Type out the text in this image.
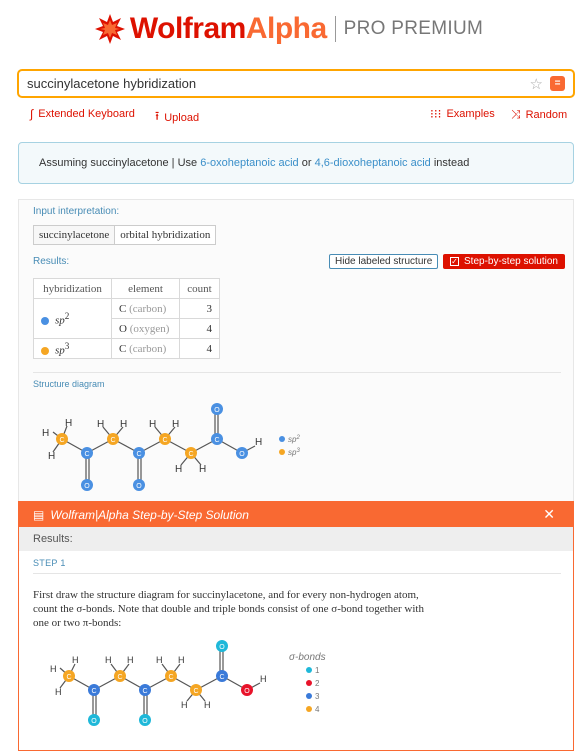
Wolfram Alpha PRO PREMIUM
succinylacetone hybridization	☆	=
∫ Extended Keyboard ⭱ Upload	⁝⁝⁝ Examples ⤨ Random
Assuming succinylacetone | Use
6-oxoheptanoic acid
or
4,6-dioxoheptanoic acid
instead
Input interpretation:
succinylacetone	orbital hybridization
Results:	Hide labeled structure	✓ Step-by-step solution
hybridization	element	count
$sp^2$	C (carbon)	3
	O (oxygen)	4
$sp^3$	C (carbon)	4
Structure diagram
H
H
H
H H H H
H H
H
C
C
C
C
C
C
C
O	O
O
O
$sp^2$
$sp^3$
▤ Wolfram|Alpha Step-by-Step Solution	✕
Results:
STEP 1
First draw the structure diagram for succinylacetone, and for every non-hydrogen atom, count the σ-bonds. Note that double and triple bonds consist of one σ-bond together with one or two π-bonds:
H
H
H
H H	H H
H H
H
C
C
C
C
C
C
C
O	O
O
O
σ-bonds
1
2
3
4
